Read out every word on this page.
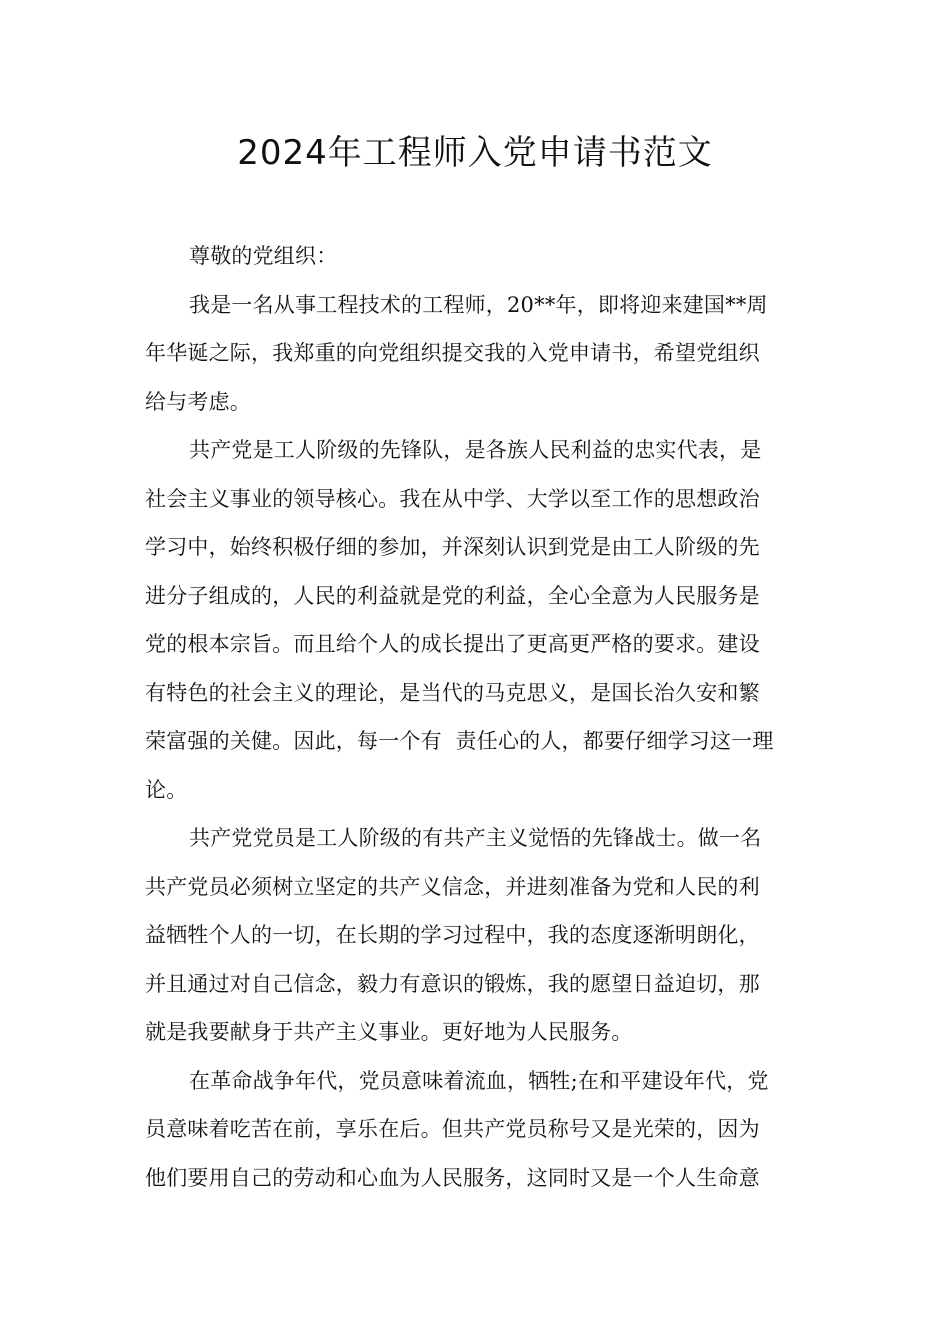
2024年工程师入党申请书范文

尊敬的党组织：

我是一名从事工程技术的工程师，20**年，即将迎来建国**周
年华诞之际，我郑重的向党组织提交我的入党申请书，希望党组织
给与考虑。

共产党是工人阶级的先锋队，是各族人民利益的忠实代表，是
社会主义事业的领导核心。我在从中学、大学以至工作的思想政治
学习中，始终积极仔细的参加，并深刻认识到党是由工人阶级的先
进分子组成的，人民的利益就是党的利益，全心全意为人民服务是
党的根本宗旨。而且给个人的成长提出了更高更严格的要求。建设
有特色的社会主义的理论，是当代的马克思义，是国长治久安和繁
荣富强的关健。因此，每一个有  责任心的人，都要仔细学习这一理
论。

共产党党员是工人阶级的有共产主义觉悟的先锋战士。做一名
共产党员必须树立坚定的共产义信念，并进刻准备为党和人民的利
益牺牲个人的一切，在长期的学习过程中，我的态度逐渐明朗化，
并且通过对自己信念，毅力有意识的锻炼，我的愿望日益迫切，那
就是我要献身于共产主义事业。更好地为人民服务。

在革命战争年代，党员意味着流血，牺牲;在和平建设年代，党
员意味着吃苦在前，享乐在后。但共产党员称号又是光荣的，因为
他们要用自己的劳动和心血为人民服务，这同时又是一个人生命意
